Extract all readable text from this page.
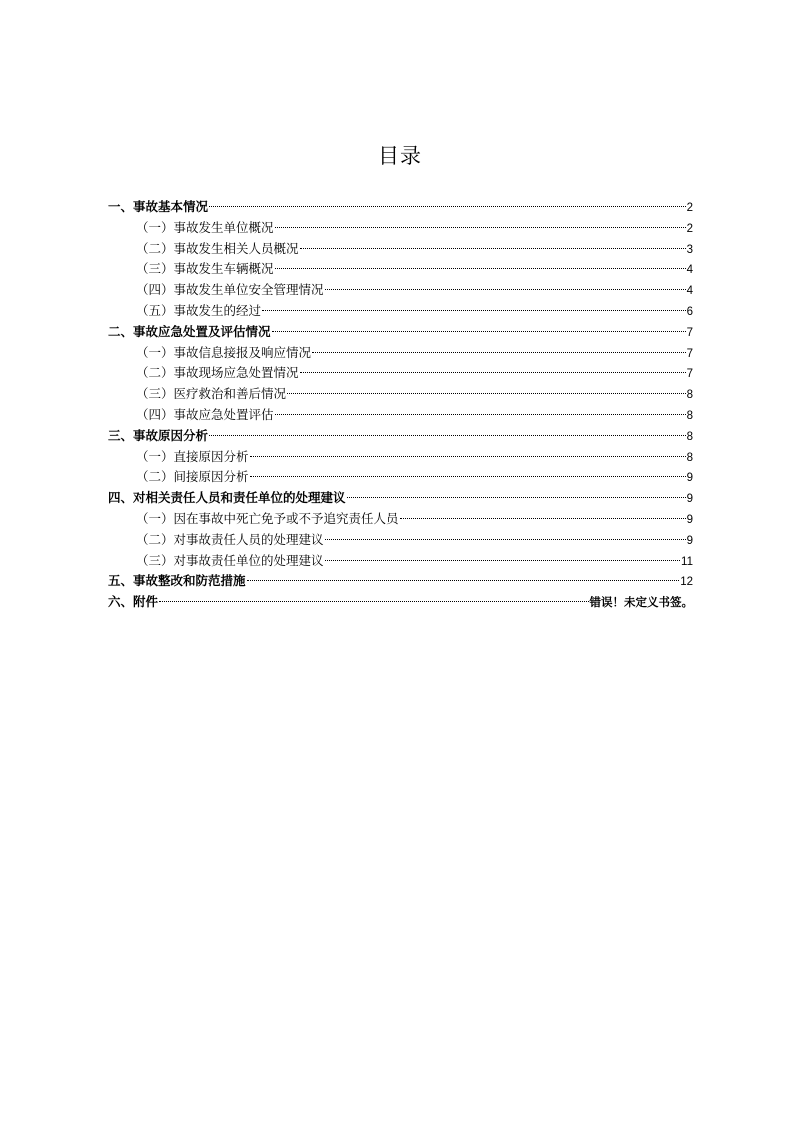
目录
一、事故基本情况	2
（一）事故发生单位概况	2
（二）事故发生相关人员概况	3
（三）事故发生车辆概况	4
（四）事故发生单位安全管理情况	4
（五）事故发生的经过	6
二、事故应急处置及评估情况	7
（一）事故信息接报及响应情况	7
（二）事故现场应急处置情况	7
（三）医疗救治和善后情况	8
（四）事故应急处置评估	8
三、事故原因分析	8
（一）直接原因分析	8
（二）间接原因分析	9
四、对相关责任人员和责任单位的处理建议	9
（一）因在事故中死亡免予或不予追究责任人员	9
（二）对事故责任人员的处理建议	9
（三）对事故责任单位的处理建议	11
五、事故整改和防范措施	12
六、附件	错误！未定义书签。
